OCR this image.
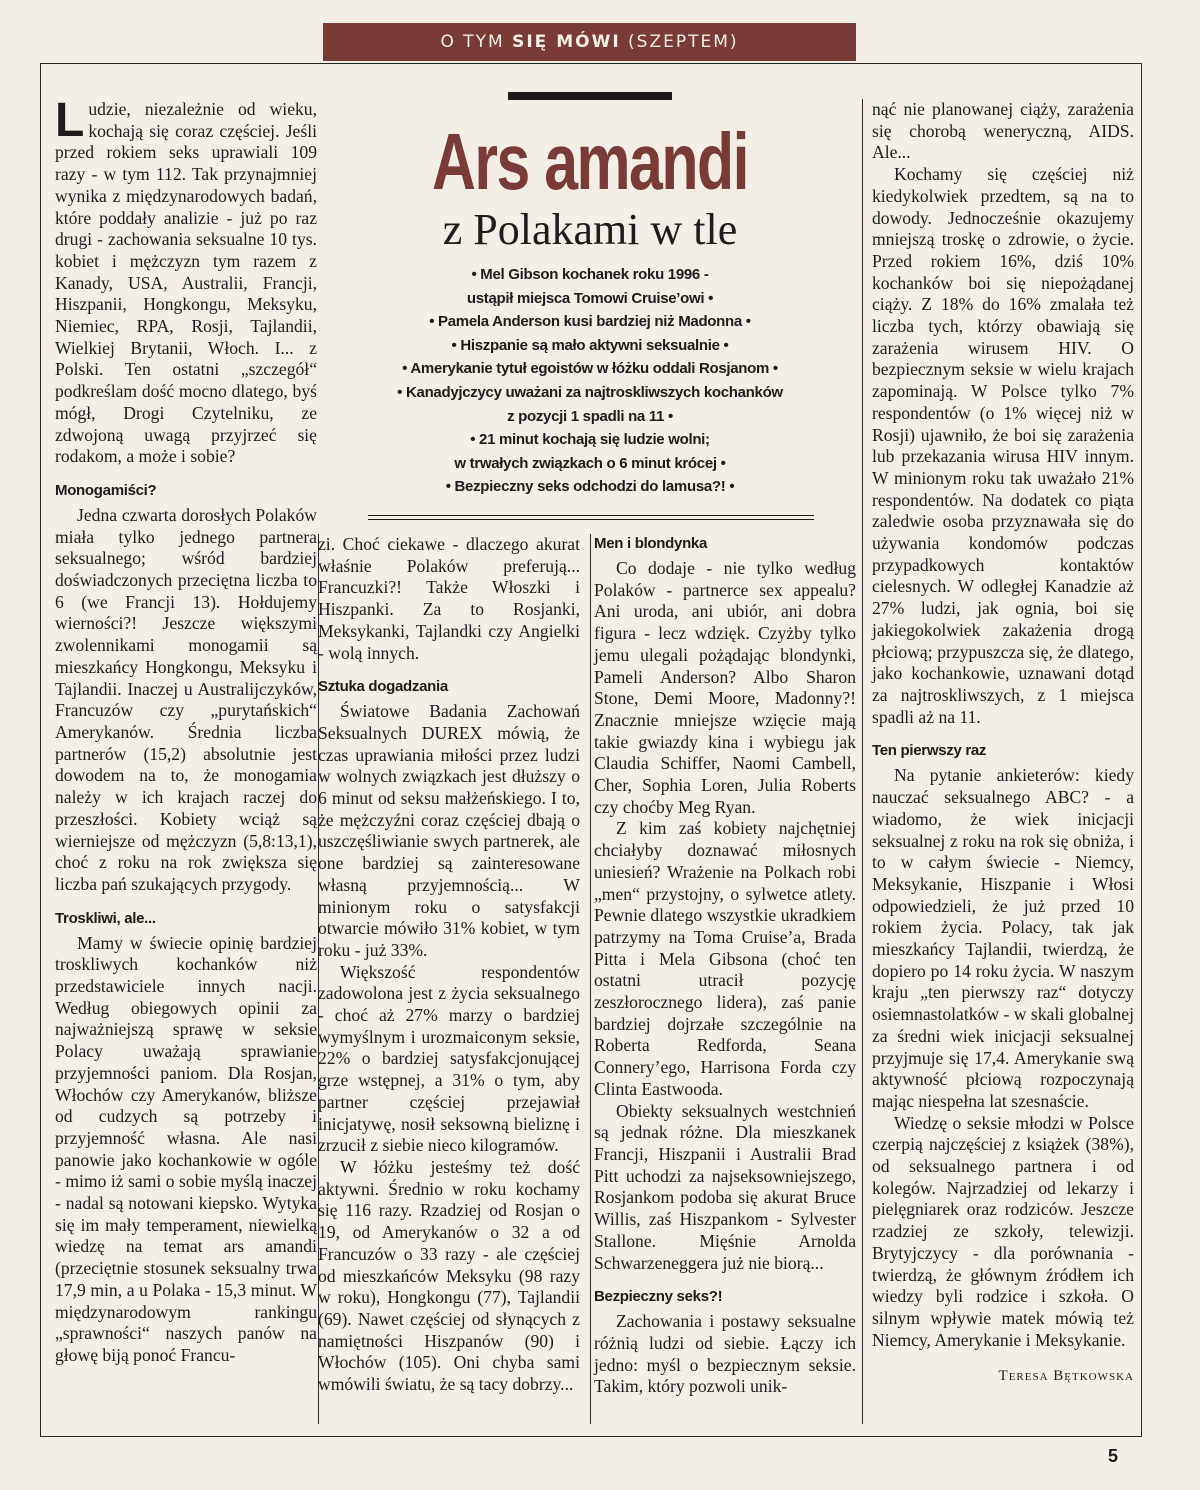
O TYM SIĘ MÓWI (SZEPTEM)
Ars amandi
z Polakami w tle
• Mel Gibson kochanek roku 1996 -
ustąpił miejsca Tomowi Cruise’owi •
• Pamela Anderson kusi bardziej niż Madonna •
• Hiszpanie są mało aktywni seksualnie •
• Amerykanie tytuł egoistów w łóżku oddali Rosjanom •
• Kanadyjczycy uważani za najtroskliwszych kochanków
z pozycji 1 spadli na 11 •
• 21 minut kochają się ludzie wolni;
w trwałych związkach o 6 minut krócej •
• Bezpieczny seks odchodzi do lamusa?! •

Ludzie, niezależnie od wieku, kochają się coraz częściej. Jeśli przed rokiem seks uprawiali 109 razy - w tym 112. Tak przynajmniej wynika z międzynarodowych badań, które poddały analizie - już po raz drugi - zachowania seksualne 10 tys. kobiet i mężczyzn tym razem z Kanady, USA, Australii, Francji, Hiszpanii, Hongkongu, Meksyku, Niemiec, RPA, Rosji, Tajlandii, Wielkiej Brytanii, Włoch. I... z Polski. Ten ostatni „szczegół“ podkreślam dość mocno dlatego, byś mógł, Drogi Czytelniku, ze zdwojoną uwagą przyjrzeć się rodakom, a może i sobie?

Monogamiści?

Jedna czwarta dorosłych Polaków miała tylko jednego partnera seksualnego; wśród bardziej doświadczonych przeciętna liczba to 6 (we Francji 13). Hołdujemy wierności?! Jeszcze większymi zwolennikami monogamii są mieszkańcy Hongkongu, Meksyku i Tajlandii. Inaczej u Australijczyków, Francuzów czy „purytańskich“ Amerykanów. Średnia liczba partnerów (15,2) absolutnie jest dowodem na to, że monogamia należy w ich krajach raczej do przeszłości. Kobiety wciąż są wierniejsze od mężczyzn (5,8:13,1), choć z roku na rok zwiększa się liczba pań szukających przygody.

Troskliwi, ale...

Mamy w świecie opinię bardziej troskliwych kochanków niż przedstawiciele innych nacji. Według obiegowych opinii za najważniejszą sprawę w seksie Polacy uważają sprawianie przyjemności paniom. Dla Rosjan, Włochów czy Amerykanów, bliższe od cudzych są potrzeby i przyjemność własna. Ale nasi panowie jako kochankowie w ogóle - mimo iż sami o sobie myślą inaczej - nadal są notowani kiepsko. Wytyka się im mały temperament, niewielką wiedzę na temat ars amandi (przeciętnie stosunek seksualny trwa 17,9 min, a u Polaka - 15,3 minut. W międzynarodowym rankingu „sprawności“ naszych panów na głowę biją ponoć Francu-

zi. Choć ciekawe - dlaczego akurat właśnie Polaków preferują... Francuzki?! Także Włoszki i Hiszpanki. Za to Rosjanki, Meksykanki, Tajlandki czy Angielki - wolą innych.

Sztuka dogadzania

Światowe Badania Zachowań Seksualnych DUREX mówią, że czas uprawiania miłości przez ludzi w wolnych związkach jest dłuższy o 6 minut od seksu małżeńskiego. I to, że mężczyźni coraz częściej dbają o uszczęśliwianie swych partnerek, ale one bardziej są zainteresowane własną przyjemnością... W minionym roku o satysfakcji otwarcie mówiło 31% kobiet, w tym roku - już 33%.

Większość respondentów zadowolona jest z życia seksualnego - choć aż 27% marzy o bardziej wymyślnym i urozmaiconym seksie, 22% o bardziej satysfakcjonującej grze wstępnej, a 31% o tym, aby partner częściej przejawiał inicjatywę, nosił seksowną bieliznę i zrzucił z siebie nieco kilogramów.

W łóżku jesteśmy też dość aktywni. Średnio w roku kochamy się 116 razy. Rzadziej od Rosjan o 19, od Amerykanów o 32 a od Francuzów o 33 razy - ale częściej od mieszkańców Meksyku (98 razy w roku), Hongkongu (77), Tajlandii (69). Nawet częściej od słynących z namiętności Hiszpanów (90) i Włochów (105). Oni chyba sami wmówili światu, że są tacy dobrzy...

Men i blondynka

Co dodaje - nie tylko według Polaków - partnerce sex appealu? Ani uroda, ani ubiór, ani dobra figura - lecz wdzięk. Czyżby tylko jemu ulegali pożądając blondynki, Pameli Anderson? Albo Sharon Stone, Demi Moore, Madonny?! Znacznie mniejsze wzięcie mają takie gwiazdy kina i wybiegu jak Claudia Schiffer, Naomi Cambell, Cher, Sophia Loren, Julia Roberts czy choćby Meg Ryan.

Z kim zaś kobiety najchętniej chciałyby doznawać miłosnych uniesień? Wrażenie na Polkach robi „men“ przystojny, o sylwetce atlety. Pewnie dlatego wszystkie ukradkiem patrzymy na Toma Cruise’a, Brada Pitta i Mela Gibsona (choć ten ostatni utracił pozycję zeszłorocznego lidera), zaś panie bardziej dojrzałe szczególnie na Roberta Redforda, Seana Connery’ego, Harrisona Forda czy Clinta Eastwooda.

Obiekty seksualnych westchnień są jednak różne. Dla mieszkanek Francji, Hiszpanii i Australii Brad Pitt uchodzi za najseksowniejszego, Rosjankom podoba się akurat Bruce Willis, zaś Hiszpankom - Sylvester Stallone. Mięśnie Arnolda Schwarzeneggera już nie biorą...

Bezpieczny seks?!

Zachowania i postawy seksualne różnią ludzi od siebie. Łączy ich jedno: myśl o bezpiecznym seksie. Takim, który pozwoli unik-

nąć nie planowanej ciąży, zarażenia się chorobą weneryczną, AIDS. Ale...

Kochamy się częściej niż kiedykolwiek przedtem, są na to dowody. Jednocześnie okazujemy mniejszą troskę o zdrowie, o życie. Przed rokiem 16%, dziś 10% kochanków boi się niepożądanej ciąży. Z 18% do 16% zmalała też liczba tych, którzy obawiają się zarażenia wirusem HIV. O bezpiecznym seksie w wielu krajach zapominają. W Polsce tylko 7% respondentów (o 1% więcej niż w Rosji) ujawniło, że boi się zarażenia lub przekazania wirusa HIV innym. W minionym roku tak uważało 21% respondentów. Na dodatek co piąta zaledwie osoba przyznawała się do używania kondomów podczas przypadkowych kontaktów cielesnych. W odległej Kanadzie aż 27% ludzi, jak ognia, boi się jakiegokolwiek zakażenia drogą płciową; przypuszcza się, że dlatego, jako kochankowie, uznawani dotąd za najtroskliwszych, z 1 miejsca spadli aż na 11.

Ten pierwszy raz

Na pytanie ankieterów: kiedy nauczać seksualnego ABC? - a wiadomo, że wiek inicjacji seksualnej z roku na rok się obniża, i to w całym świecie - Niemcy, Meksykanie, Hiszpanie i Włosi odpowiedzieli, że już przed 10 rokiem życia. Polacy, tak jak mieszkańcy Tajlandii, twierdzą, że dopiero po 14 roku życia. W naszym kraju „ten pierwszy raz“ dotyczy osiemnastolatków - w skali globalnej za średni wiek inicjacji seksualnej przyjmuje się 17,4. Amerykanie swą aktywność płciową rozpoczynają mając niespełna lat szesnaście.

Wiedzę o seksie młodzi w Polsce czerpią najczęściej z książek (38%), od seksualnego partnera i od kolegów. Najrzadziej od lekarzy i pielęgniarek oraz rodziców. Jeszcze rzadziej ze szkoły, telewizji. Brytyjczycy - dla porównania - twierdzą, że głównym źródłem ich wiedzy byli rodzice i szkoła. O silnym wpływie matek mówią też Niemcy, Amerykanie i Meksykanie.

Teresa Bętkowska
5
